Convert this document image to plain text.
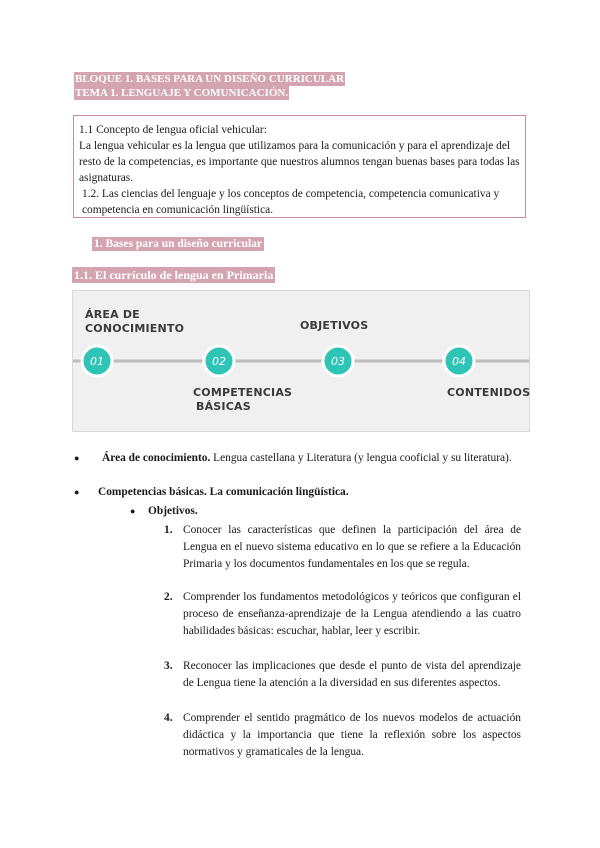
BLOQUE 1. BASES PARA UN DISEÑO CURRICULAR
TEMA 1. LENGUAJE Y COMUNICACIÓN.

1.1 Concepto de lengua oficial vehicular:

La lengua vehicular es la lengua que utilizamos para la comunicación y para el aprendizaje del resto de la competencias, es importante que nuestros alumnos tengan buenas bases para todas las asignaturas.

1.2. Las ciencias del lenguaje y los conceptos de competencia, competencia comunicativa y competencia en comunicación lingüística.

1. Bases para un diseño curricular
1.1. El currículo de lengua en Primaria
01	02	03	04
ÁREA DE
CONOCIMIENTO	OBJETIVOS
COMPETENCIAS
BÁSICAS
CONTENIDOS
● Área de conocimiento. Lengua castellana y Literatura (y lengua cooficial y su literatura).
● Competencias básicas. La comunicación lingüística.
● Objetivos.
1. Conocer las características que definen la participación del área de Lengua en el nuevo sistema educativo en lo que se refiere a la Educación Primaria y los documentos fundamentales en los que se regula.
2. Comprender los fundamentos metodológicos y teóricos que configuran el proceso de enseñanza-aprendizaje de la Lengua atendiendo a las cuatro habilidades básicas: escuchar, hablar, leer y escribir.
3. Reconocer las implicaciones que desde el punto de vista del aprendizaje de Lengua tiene la atención a la diversidad en sus diferentes aspectos.
4. Comprender el sentido pragmático de los nuevos modelos de actuación didáctica y la importancia que tiene la reflexión sobre los aspectos normativos y gramaticales de la lengua.
